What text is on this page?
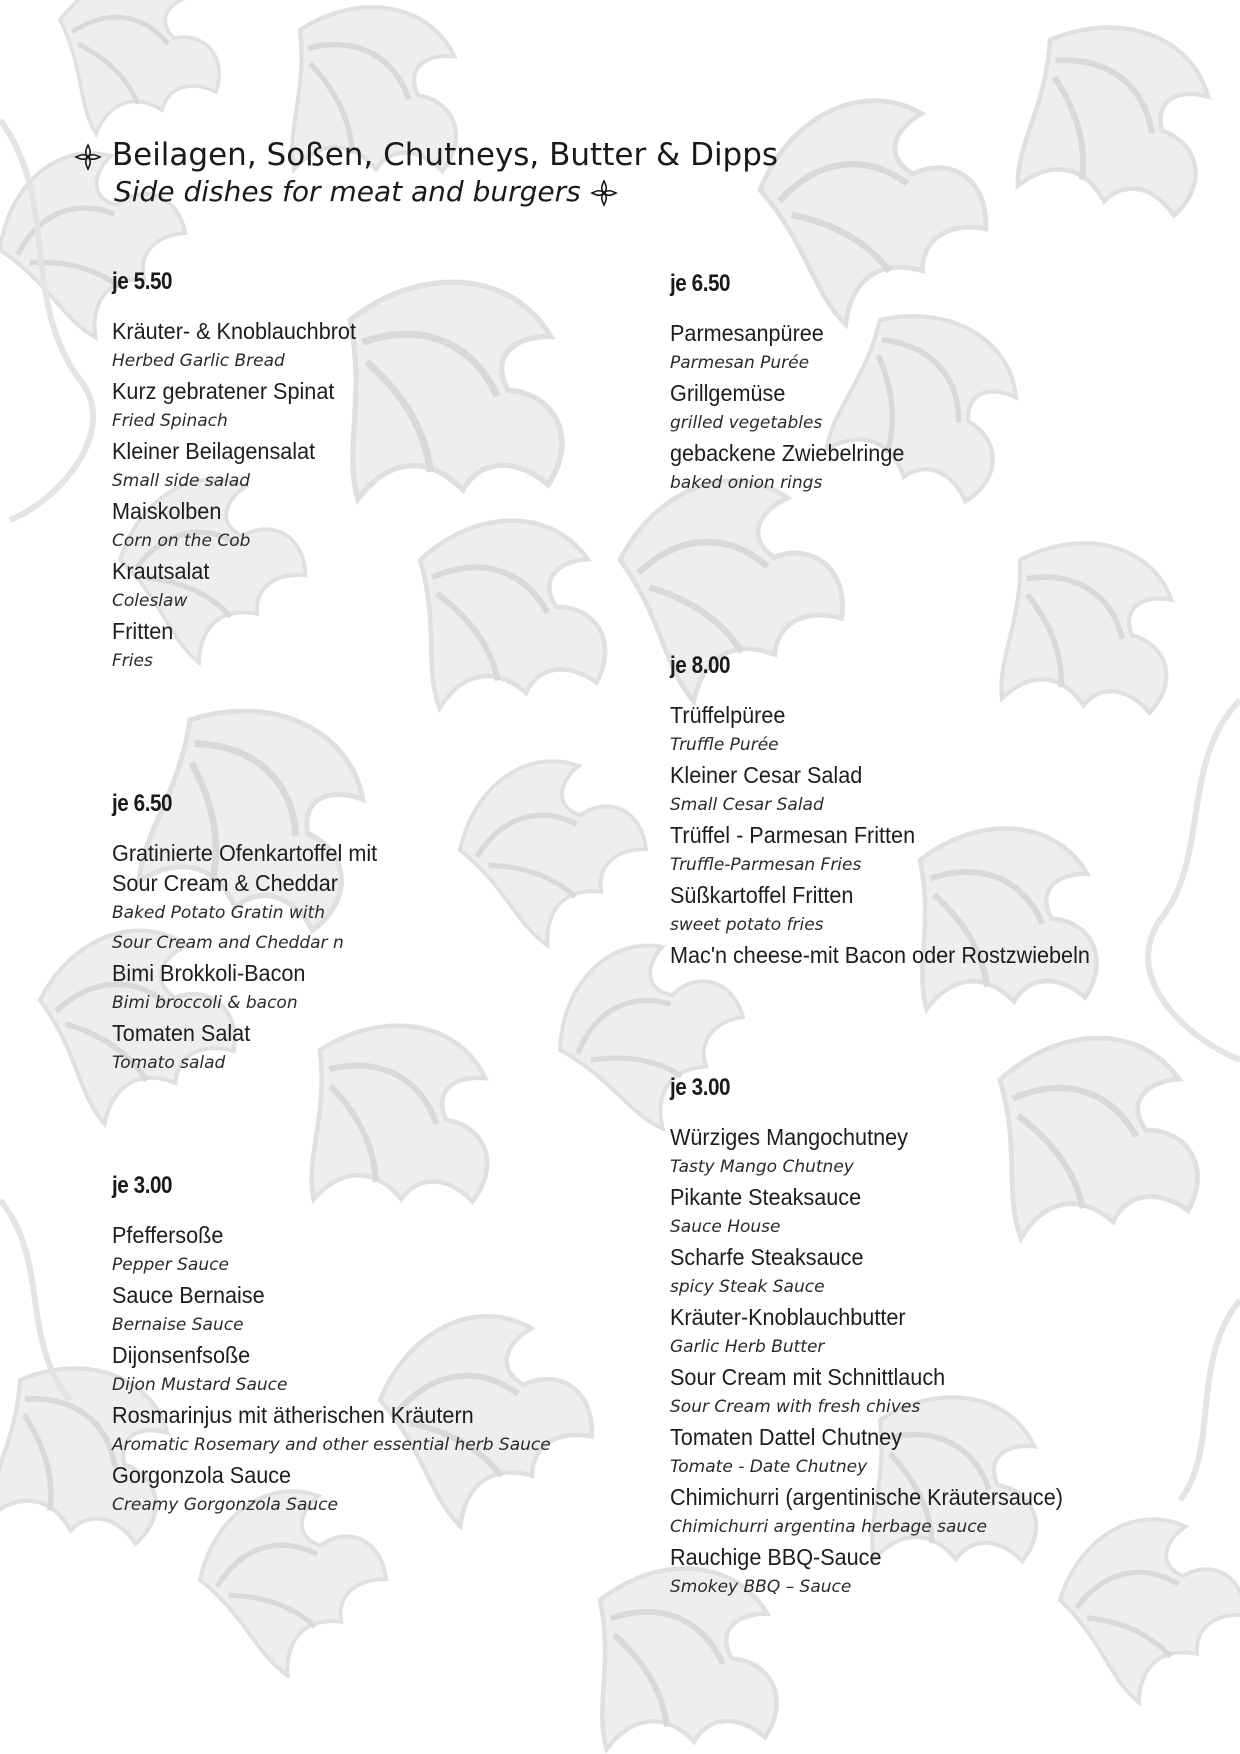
Beilagen, Soßen, Chutneys, Butter & Dipps
Side dishes for meat and burgers
je 5.50
Kräuter- & Knoblauchbrot
Herbed Garlic Bread
Kurz gebratener Spinat
Fried Spinach
Kleiner Beilagensalat
Small side salad
Maiskolben
Corn on the Cob
Krautsalat
Coleslaw
Fritten
Fries
je 6.50
Gratinierte Ofenkartoffel mit
Sour Cream & Cheddar
Baked Potato Gratin with
Sour Cream and Cheddar n
Bimi Brokkoli-Bacon
Bimi broccoli & bacon
Tomaten Salat
Tomato salad
je 3.00
Pfeffersoße
Pepper Sauce
Sauce Bernaise
Bernaise Sauce
Dijonsenfsoße
Dijon Mustard Sauce
Rosmarinjus mit ätherischen Kräutern
Aromatic Rosemary and other essential herb Sauce
Gorgonzola Sauce
Creamy Gorgonzola Sauce
je 6.50
Parmesanpüree
Parmesan Purée
Grillgemüse
grilled vegetables
gebackene Zwiebelringe
baked onion rings
je 8.00
Trüffelpüree
Truffle Purée
Kleiner Cesar Salad
Small Cesar Salad
Trüffel - Parmesan Fritten
Truffle-Parmesan Fries
Süßkartoffel Fritten
sweet potato fries
Mac'n cheese-mit Bacon oder Rostzwiebeln
je 3.00
Würziges Mangochutney
Tasty Mango Chutney
Pikante Steaksauce
Sauce House
Scharfe Steaksauce
spicy Steak Sauce
Kräuter-Knoblauchbutter
Garlic Herb Butter
Sour Cream mit Schnittlauch
Sour Cream with fresh chives
Tomaten Dattel Chutney
Tomate - Date Chutney
Chimichurri (argentinische Kräutersauce)
Chimichurri argentina herbage sauce
Rauchige BBQ-Sauce
Smokey BBQ – Sauce
